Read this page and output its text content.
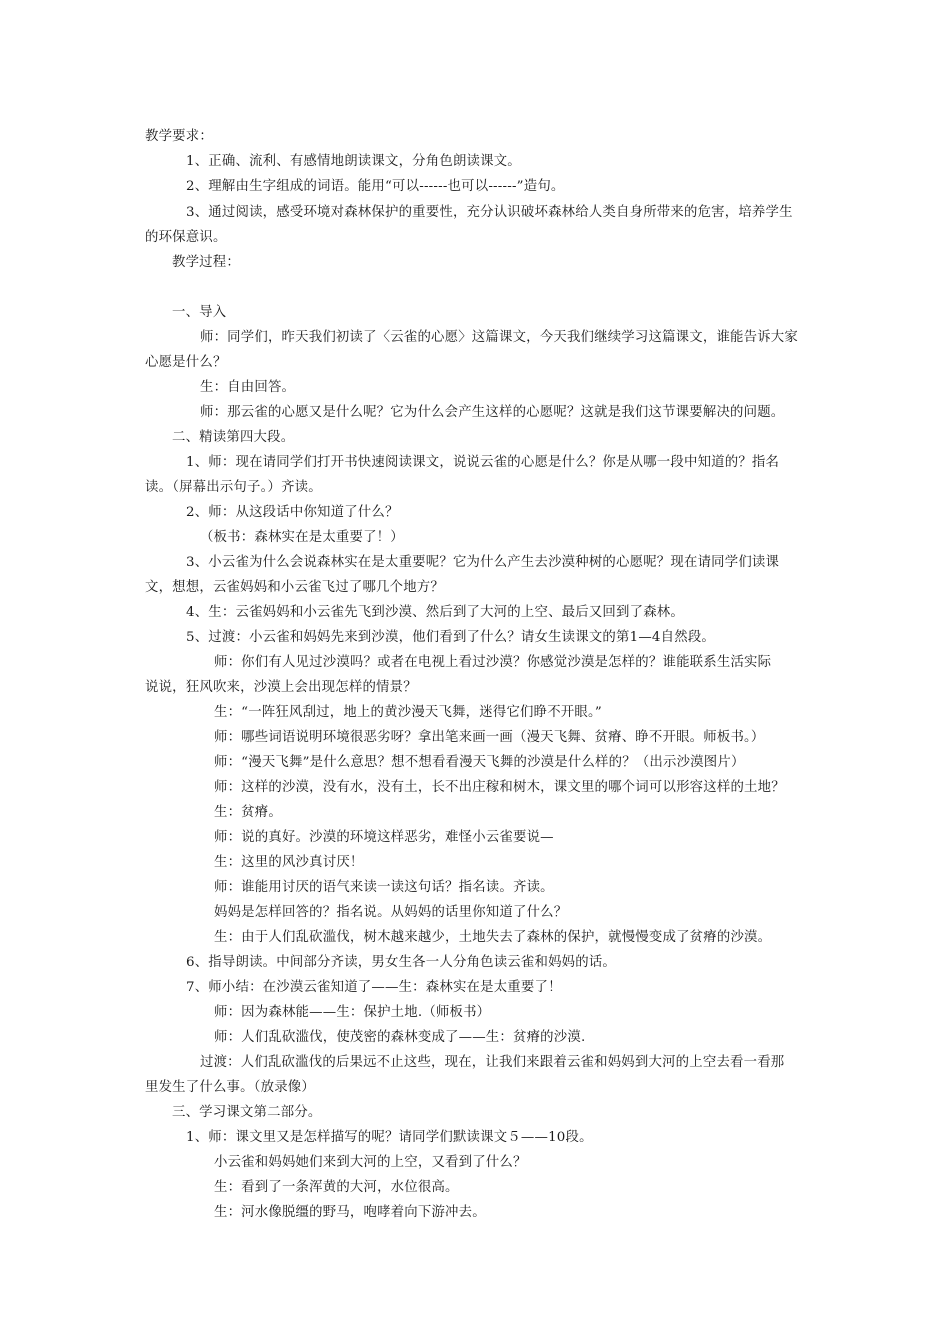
教学要求：
1、正确、流利、有感情地朗读课文，分角色朗读课文。
2、理解由生字组成的词语。能用“可以------也可以------”造句。
3、通过阅读，感受环境对森林保护的重要性，充分认识破坏森林给人类自身所带来的危害，培养学生
的环保意识。
教学过程：
一、导入
师：同学们，昨天我们初读了〈云雀的心愿〉这篇课文，今天我们继续学习这篇课文，谁能告诉大家
心愿是什么？
生：自由回答。
师：那云雀的心愿又是什么呢？它为什么会产生这样的心愿呢？这就是我们这节课要解决的问题。
二、精读第四大段。
1、师：现在请同学们打开书快速阅读课文，说说云雀的心愿是什么？你是从哪一段中知道的？指名
读。（屏幕出示句子。）齐读。
2、师：从这段话中你知道了什么？
（板书：森林实在是太重要了！）
3、小云雀为什么会说森林实在是太重要呢？它为什么产生去沙漠种树的心愿呢？现在请同学们读课
文，想想，云雀妈妈和小云雀飞过了哪几个地方？
4、生：云雀妈妈和小云雀先飞到沙漠、然后到了大河的上空、最后又回到了森林。
5、过渡：小云雀和妈妈先来到沙漠，他们看到了什么？请女生读课文的第1—4自然段。
师：你们有人见过沙漠吗？或者在电视上看过沙漠？你感觉沙漠是怎样的？谁能联系生活实际
说说，狂风吹来，沙漠上会出现怎样的情景？
生：“一阵狂风刮过，地上的黄沙漫天飞舞，迷得它们睁不开眼。”
师：哪些词语说明环境很恶劣呀？拿出笔来画一画（漫天飞舞、贫瘠、睁不开眼。师板书。）
师：“漫天飞舞”是什么意思？想不想看看漫天飞舞的沙漠是什么样的？（出示沙漠图片）
师：这样的沙漠，没有水，没有土，长不出庄稼和树木，课文里的哪个词可以形容这样的土地？
生：贫瘠。
师：说的真好。沙漠的环境这样恶劣，难怪小云雀要说—
生：这里的风沙真讨厌！
师：谁能用讨厌的语气来读一读这句话？指名读。齐读。
妈妈是怎样回答的？指名说。从妈妈的话里你知道了什么？
生：由于人们乱砍滥伐，树木越来越少，土地失去了森林的保护，就慢慢变成了贫瘠的沙漠。
6、指导朗读。中间部分齐读，男女生各一人分角色读云雀和妈妈的话。
7、师小结：在沙漠云雀知道了——生：森林实在是太重要了！
师：因为森林能——生：保护土地.（师板书）
师：人们乱砍滥伐，使茂密的森林变成了——生：贫瘠的沙漠.
过渡：人们乱砍滥伐的后果远不止这些，现在，让我们来跟着云雀和妈妈到大河的上空去看一看那
里发生了什么事。（放录像）
三、学习课文第二部分。
1、师：课文里又是怎样描写的呢？请同学们默读课文５——10段。
小云雀和妈妈她们来到大河的上空，又看到了什么？
生：看到了一条浑黄的大河，水位很高。
生：河水像脱缰的野马，咆哮着向下游冲去。
